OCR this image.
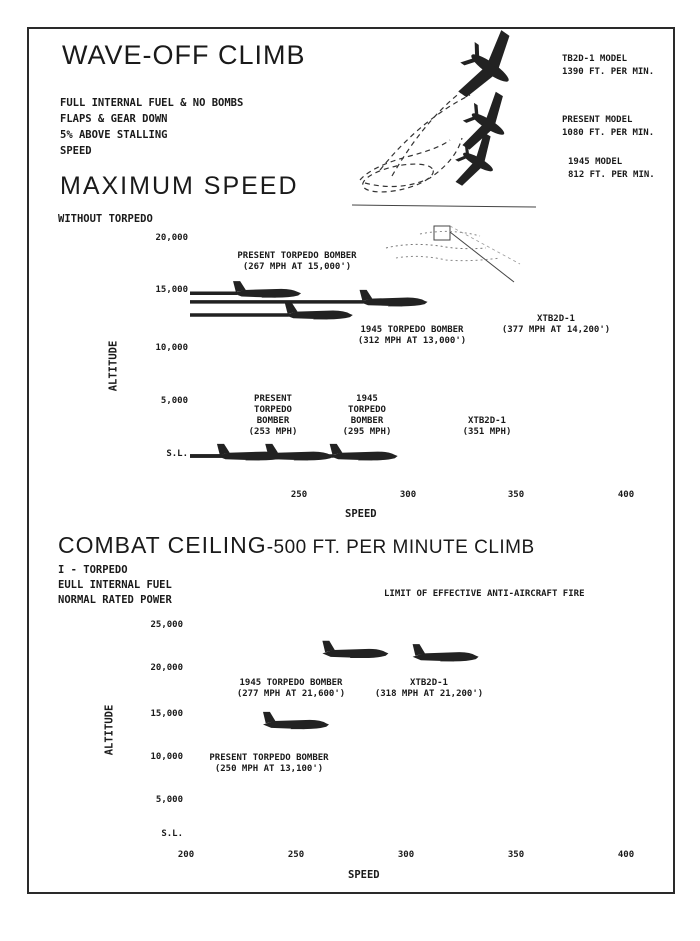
WAVE-OFF CLIMB
FULL INTERNAL FUEL & NO BOMBS
FLAPS & GEAR DOWN
5% ABOVE STALLING
SPEED
TB2D-1 MODEL
1390 FT. PER MIN.
PRESENT MODEL
1080 FT. PER MIN.
1945 MODEL
812 FT. PER MIN.
MAXIMUM SPEED
WITHOUT TORPEDO
PRESENT TORPEDO BOMBER
(267 MPH AT 15,000')
1945 TORPEDO BOMBER
(312 MPH AT 13,000')
XTB2D-1
(377 MPH AT 14,200')
PRESENT
TORPEDO
BOMBER
(253 MPH)
1945
TORPEDO
BOMBER
(295 MPH)
XTB2D-1
(351 MPH)
20,000
15,000
10,000
5,000
S.L.
250	300	350	400
SPEED
ALTITUDE
COMBAT CEILING-500 FT. PER MINUTE CLIMB
I - TORPEDO
EULL INTERNAL FUEL
NORMAL RATED POWER	LIMIT OF EFFECTIVE ANTI-AIRCRAFT FIRE
1945 TORPEDO BOMBER
(277 MPH AT 21,600')
XTB2D-1
(318 MPH AT 21,200')
PRESENT TORPEDO BOMBER
(250 MPH AT 13,100')
25,000
20,000
15,000
10,000
5,000
S.L.
200	250	300	350	400
SPEED
ALTITUDE
